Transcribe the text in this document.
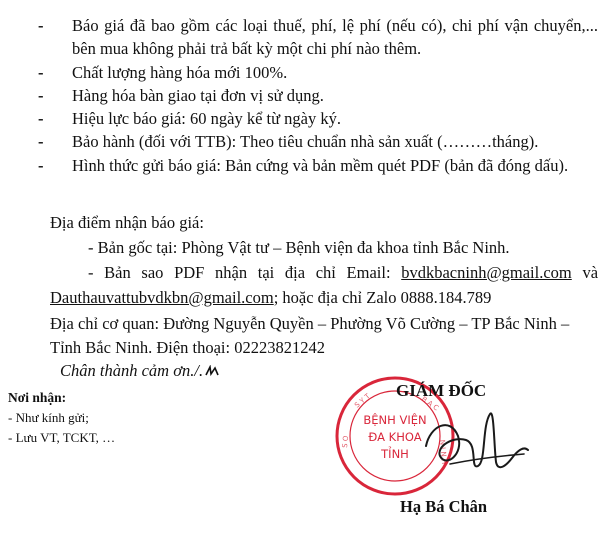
- Báo giá đã bao gồm các loại thuế, phí, lệ phí (nếu có), chi phí vận chuyển,... bên mua không phải trả bất kỳ một chi phí nào thêm.
- Chất lượng hàng hóa mới 100%.
- Hàng hóa bàn giao tại đơn vị sử dụng.
- Hiệu lực báo giá: 60 ngày kể từ ngày ký.
- Bảo hành (đối với TTB): Theo tiêu chuẩn nhà sản xuất (………tháng).
- Hình thức gửi báo giá: Bản cứng và bản mềm quét PDF (bản đã đóng dấu).
Địa điểm nhận báo giá:
- Bản gốc tại: Phòng Vật tư – Bệnh viện đa khoa tỉnh Bắc Ninh.
- Bản sao PDF nhận tại địa chỉ Email: bvdkbacninh@gmail.com và
Dauthauvattubvdkbn@gmail.com; hoặc địa chỉ Zalo 0888.184.789
Địa chỉ cơ quan: Đường Nguyễn Quyền – Phường Võ Cường – TP Bắc Ninh – Tỉnh Bắc Ninh. Điện thoại: 02223821242
Chân thành cảm ơn./.
Nơi nhận:
- Như kính gửi;
- Lưu VT, TCKT, …
S Y T	B A C
S O	N I N H
BỆNH VIỆN
ĐA KHOA
TỈNH
GIÁM ĐỐC
Hạ Bá Chân
